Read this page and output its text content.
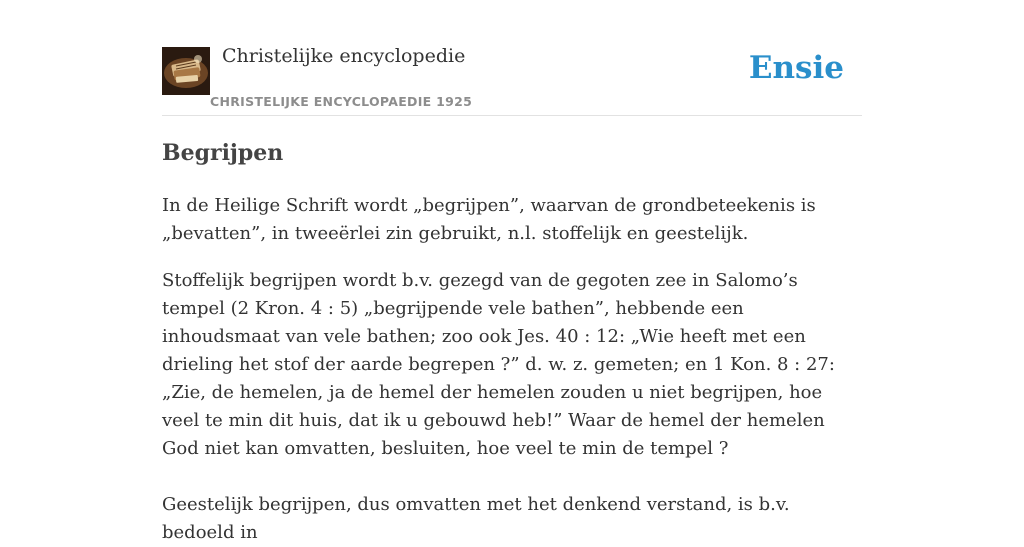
Christelijke encyclopedie
CHRISTELIJKE ENCYCLOPAEDIE 1925
Ensie
Begrijpen

In de Heilige Schrift wordt „begrijpen”, waarvan de grondbeteekenis is „bevatten”, in tweeërlei zin gebruikt, n.l. stoffelijk en geestelijk.

Stoffelijk begrijpen wordt b.v. gezegd van de gegoten zee in Salomo’s tempel (2 Kron. 4 : 5) „begrijpende vele bathen”, hebbende een inhoudsmaat van vele bathen; zoo ook Jes. 40 : 12: „Wie heeft met een drieling het stof der aarde begrepen ?” d. w. z. gemeten; en 1 Kon. 8 : 27: „Zie, de hemelen, ja de hemel der hemelen zouden u niet begrijpen, hoe veel te min dit huis, dat ik u gebouwd heb!” Waar de hemel der hemelen God niet kan omvatten, besluiten, hoe veel te min de tempel ?

Geestelijk begrijpen, dus omvatten met het denkend verstand, is b.v. bedoeld in
